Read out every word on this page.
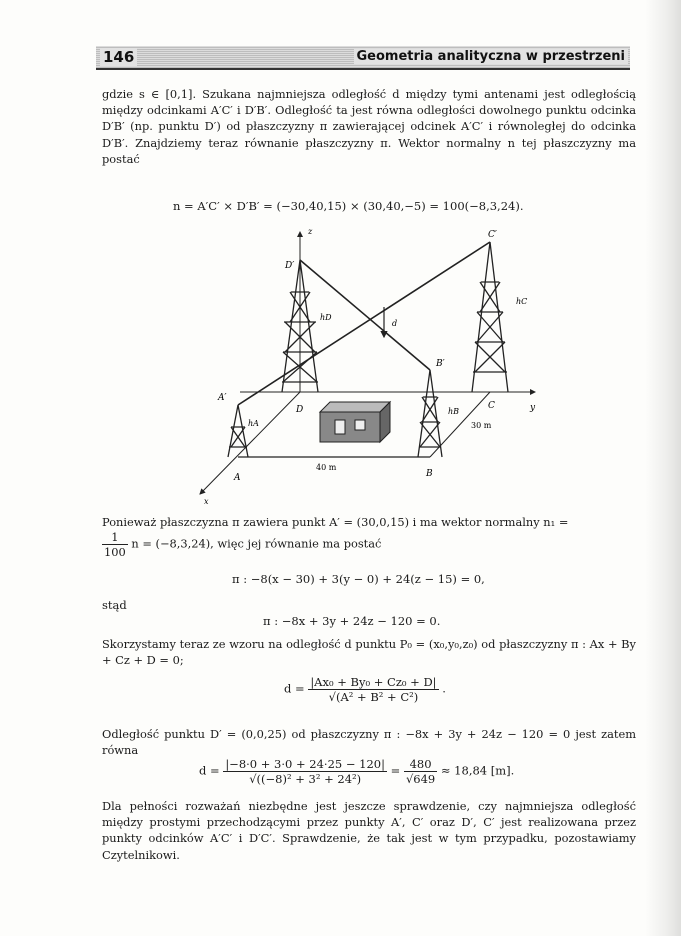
146	Geometria analityczna w przestrzeni
gdzie s ∈ [0,1]. Szukana najmniejsza odległość d między tymi antenami jest odległością między odcinkami A′C′ i D′B′. Odległość ta jest równa odległości dowolnego punktu odcinka D′B′ (np. punktu D′) od płaszczyzny π zawierającej odcinek A′C′ i równoległej do odcinka D′B′. Znajdziemy teraz równanie płaszczyzny π. Wektor normalny n tej płaszczyzny ma postać
n = A′C′ × D′B′ = (−30,40,15) × (30,40,−5) = 100(−8,3,24).
z
y
x
C′
D′
B′
A′
D	C
A	B
hD
hC
hB
hA
d
30 m
40 m
Ponieważ płaszczyzna π zawiera punkt A′ = (30,0,15) i ma wektor normalny n₁ =
$\frac{1}{100}$ n = (−8,3,24), więc jej równanie ma postać
π : −8(x − 30) + 3(y − 0) + 24(z − 15) = 0,
stąd
π : −8x + 3y + 24z − 120 = 0.
Skorzystamy teraz ze wzoru na odległość d punktu P₀ = (x₀,y₀,z₀) od płaszczyzny π : Ax + By + Cz + D = 0;
$d = \frac{\text{|Ax₀ + By₀ + Cz₀ + D|}}{\text{√(A² + B² + C²)}}$ .
Odległość punktu D′ = (0,0,25) od płaszczyzny π : −8x + 3y + 24z − 120 = 0 jest zatem równa
$d = \frac{|-8\cdot 0 + 3\cdot 0 + 24\cdot 25 - 120|}{\text{√((−8)² + 3² + 24²)}} = \frac{480}{√649} \approx 18,84$ [m].
Dla pełności rozważań niezbędne jest jeszcze sprawdzenie, czy najmniejsza odległość między prostymi przechodzącymi przez punkty A′, C′ oraz D′, C′ jest realizowana przez punkty odcinków A′C′ i D′C′. Sprawdzenie, że tak jest w tym przypadku, pozostawiamy Czytelnikowi.
